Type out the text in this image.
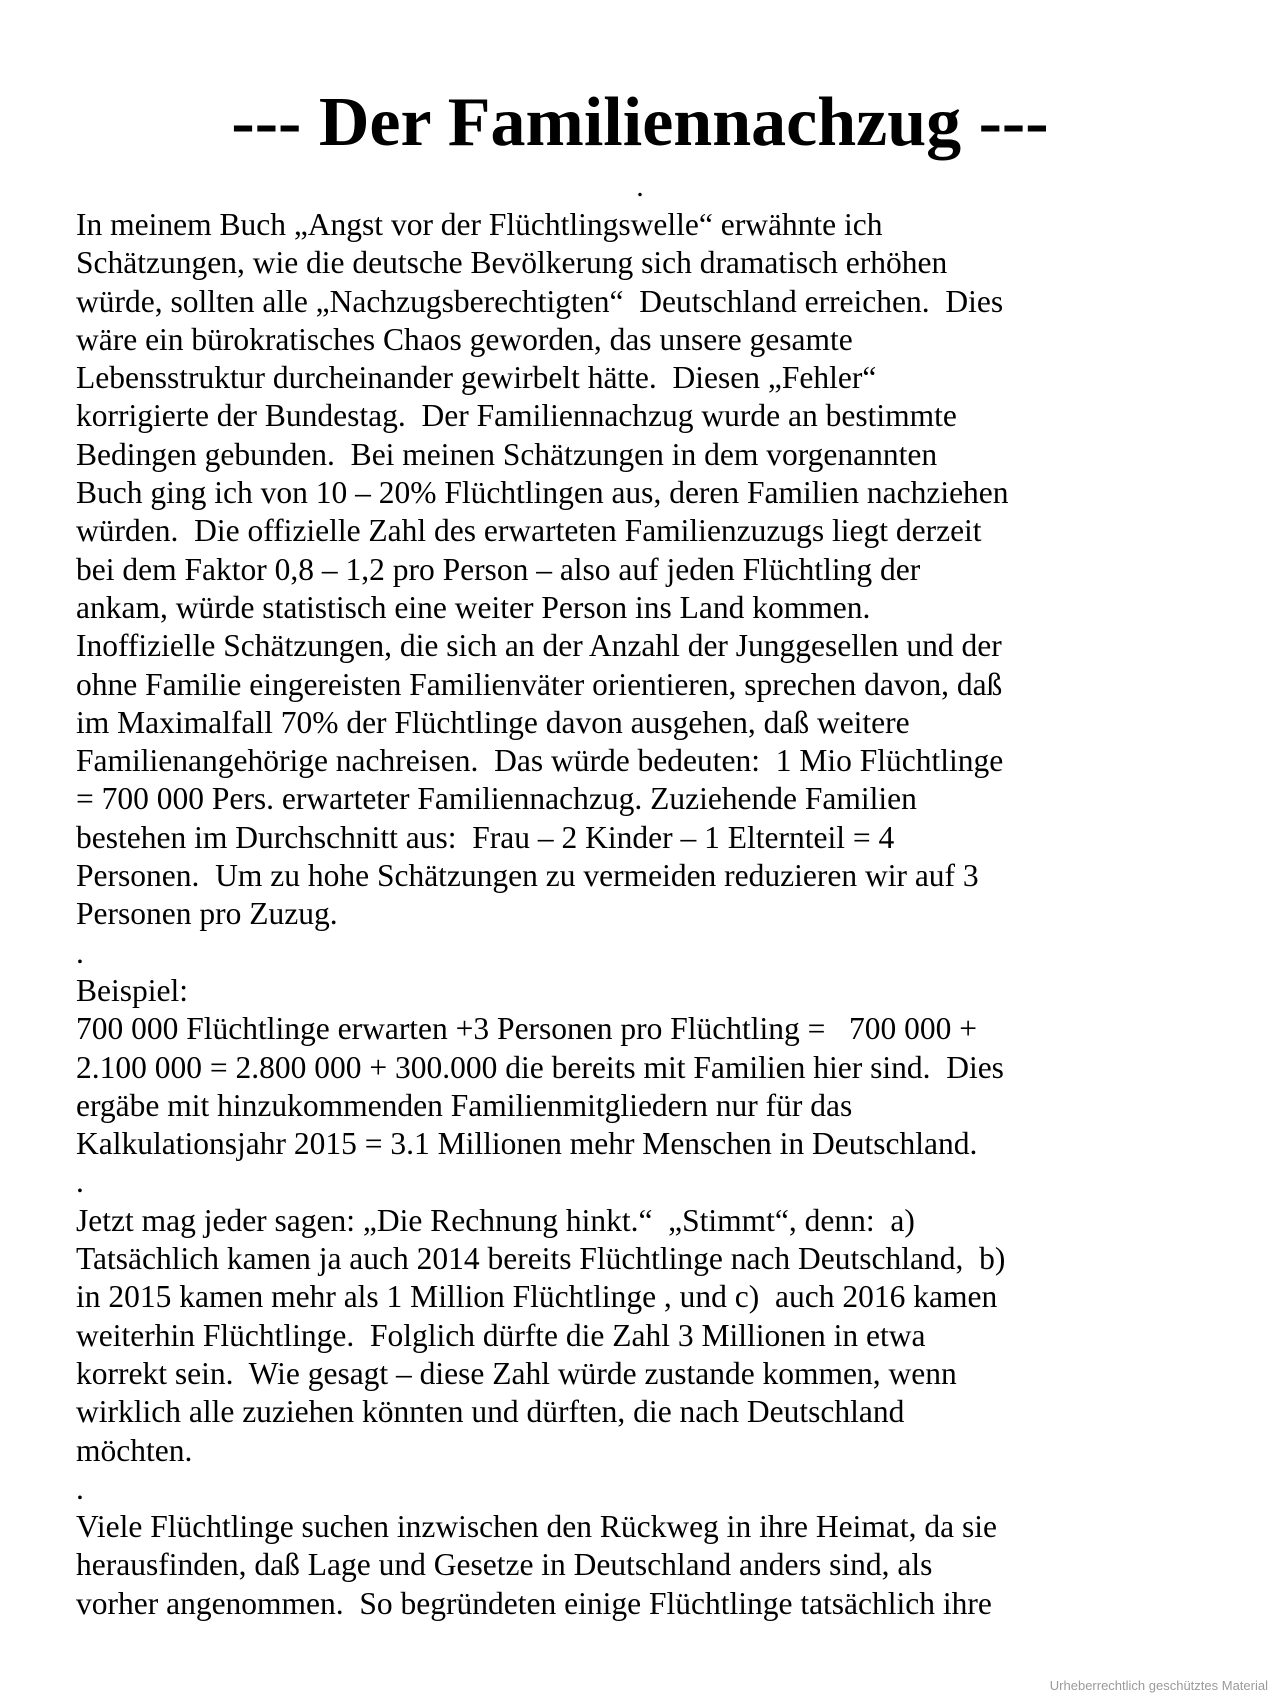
--- Der Familiennachzug ---
.
In meinem Buch „Angst vor der Flüchtlingswelle“ erwähnte ich
Schätzungen, wie die deutsche Bevölkerung sich dramatisch erhöhen
würde, sollten alle „Nachzugsberechtigten“  Deutschland erreichen.  Dies
wäre ein bürokratisches Chaos geworden, das unsere gesamte
Lebensstruktur durcheinander gewirbelt hätte.  Diesen „Fehler“
korrigierte der Bundestag.  Der Familiennachzug wurde an bestimmte
Bedingen gebunden.  Bei meinen Schätzungen in dem vorgenannten
Buch ging ich von 10 – 20% Flüchtlingen aus, deren Familien nachziehen
würden.  Die offizielle Zahl des erwarteten Familienzuzugs liegt derzeit
bei dem Faktor 0,8 – 1,2 pro Person – also auf jeden Flüchtling der
ankam, würde statistisch eine weiter Person ins Land kommen.
Inoffizielle Schätzungen, die sich an der Anzahl der Junggesellen und der
ohne Familie eingereisten Familienväter orientieren, sprechen davon, daß
im Maximalfall 70% der Flüchtlinge davon ausgehen, daß weitere
Familienangehörige nachreisen.  Das würde bedeuten:  1 Mio Flüchtlinge
= 700 000 Pers. erwarteter Familiennachzug. Zuziehende Familien
bestehen im Durchschnitt aus:  Frau – 2 Kinder – 1 Elternteil = 4
Personen.  Um zu hohe Schätzungen zu vermeiden reduzieren wir auf 3
Personen pro Zuzug.
.
Beispiel:
700 000 Flüchtlinge erwarten +3 Personen pro Flüchtling =   700 000 +
2.100 000 = 2.800 000 + 300.000 die bereits mit Familien hier sind.  Dies
ergäbe mit hinzukommenden Familienmitgliedern nur für das
Kalkulationsjahr 2015 = 3.1 Millionen mehr Menschen in Deutschland.
.
Jetzt mag jeder sagen: „Die Rechnung hinkt.“  „Stimmt“, denn:  a)
Tatsächlich kamen ja auch 2014 bereits Flüchtlinge nach Deutschland,  b)
in 2015 kamen mehr als 1 Million Flüchtlinge , und c)  auch 2016 kamen
weiterhin Flüchtlinge.  Folglich dürfte die Zahl 3 Millionen in etwa
korrekt sein.  Wie gesagt – diese Zahl würde zustande kommen, wenn
wirklich alle zuziehen könnten und dürften, die nach Deutschland
möchten.
.
Viele Flüchtlinge suchen inzwischen den Rückweg in ihre Heimat, da sie
herausfinden, daß Lage und Gesetze in Deutschland anders sind, als
vorher angenommen.  So begründeten einige Flüchtlinge tatsächlich ihre
Urheberrechtlich geschütztes Material
